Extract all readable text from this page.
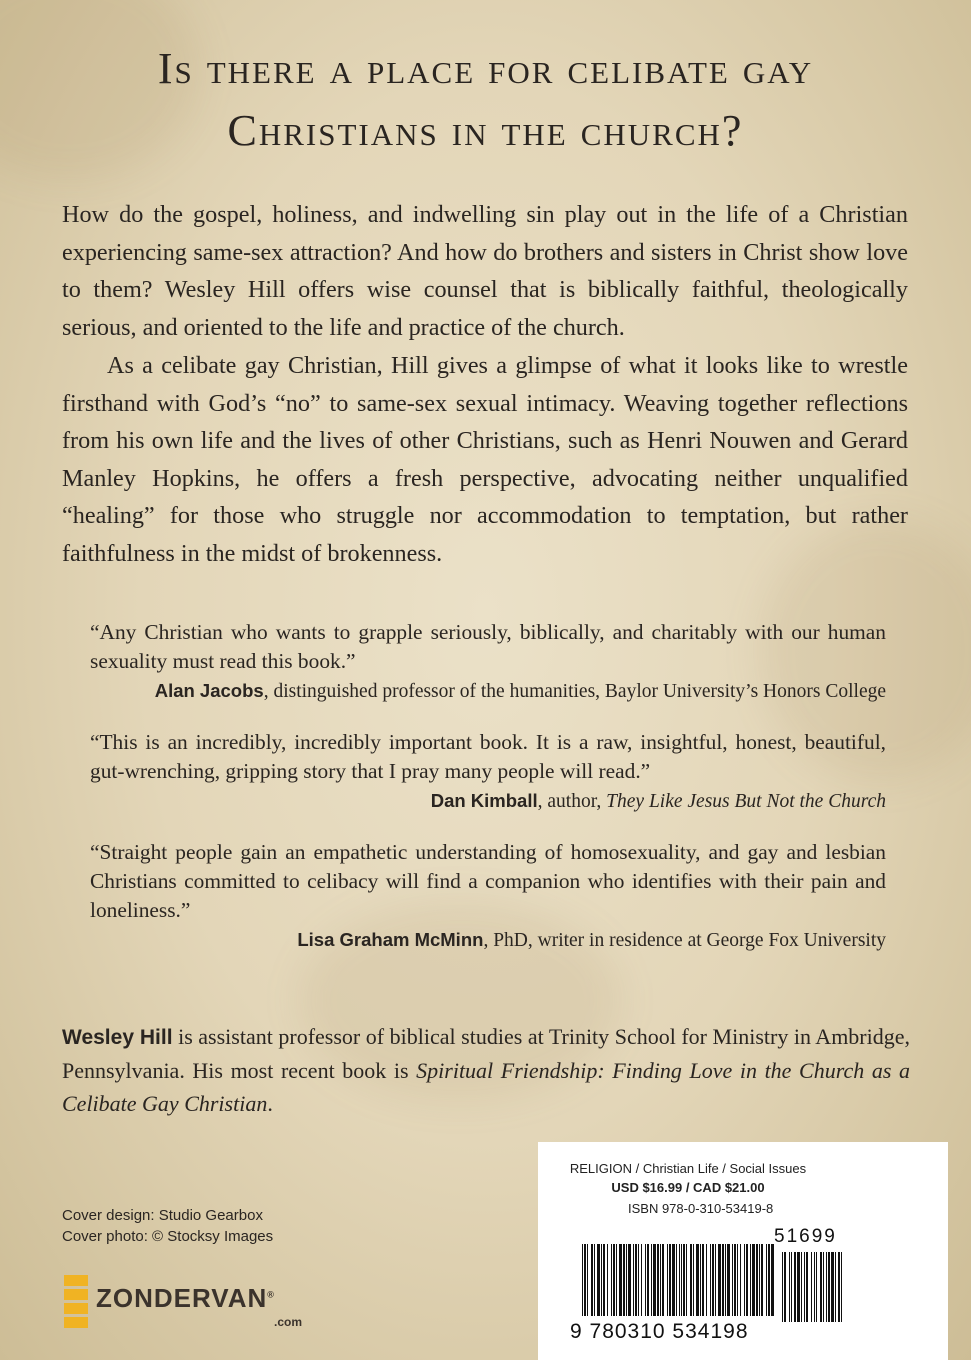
Is there a place for celibate gay
Christians in the church?

How do the gospel, holiness, and indwelling sin play out in the life of a Christian experiencing same-sex attraction? And how do brothers and sisters in Christ show love to them? Wesley Hill offers wise counsel that is biblically faithful, theologically serious, and oriented to the life and practice of the church.

As a celibate gay Christian, Hill gives a glimpse of what it looks like to wrestle firsthand with God’s “no” to same-sex sexual intimacy. Weaving together reflections from his own life and the lives of other Christians, such as Henri Nouwen and Gerard Manley Hopkins, he offers a fresh perspective, advocating neither unqualified “healing” for those who struggle nor accommodation to temptation, but rather faithfulness in the midst of brokenness.

“Any Christian who wants to grapple seriously, biblically, and charitably with our human sexuality must read this book.”

Alan Jacobs, distinguished professor of the humanities, Baylor University’s Honors College

“This is an incredibly, incredibly important book. It is a raw, insightful, honest, beautiful, gut-wrenching, gripping story that I pray many people will read.”

Dan Kimball, author, They Like Jesus But Not the Church

“Straight people gain an empathetic understanding of homosexuality, and gay and lesbian Christians committed to celibacy will find a companion who identifies with their pain and loneliness.”

Lisa Graham McMinn, PhD, writer in residence at George Fox University

Wesley Hill is assistant professor of biblical studies at Trinity School for Ministry in Ambridge, Pennsylvania. His most recent book is Spiritual Friendship: Finding Love in the Church as a Celibate Gay Christian.

Cover design: Studio Gearbox
Cover photo: © Stocksy Images
ZONDERVAN®
.com
RELIGION / Christian Life / Social Issues
USD $16.99 / CAD $21.00
ISBN 978-0-310-53419-8
51699
9 780310 534198
